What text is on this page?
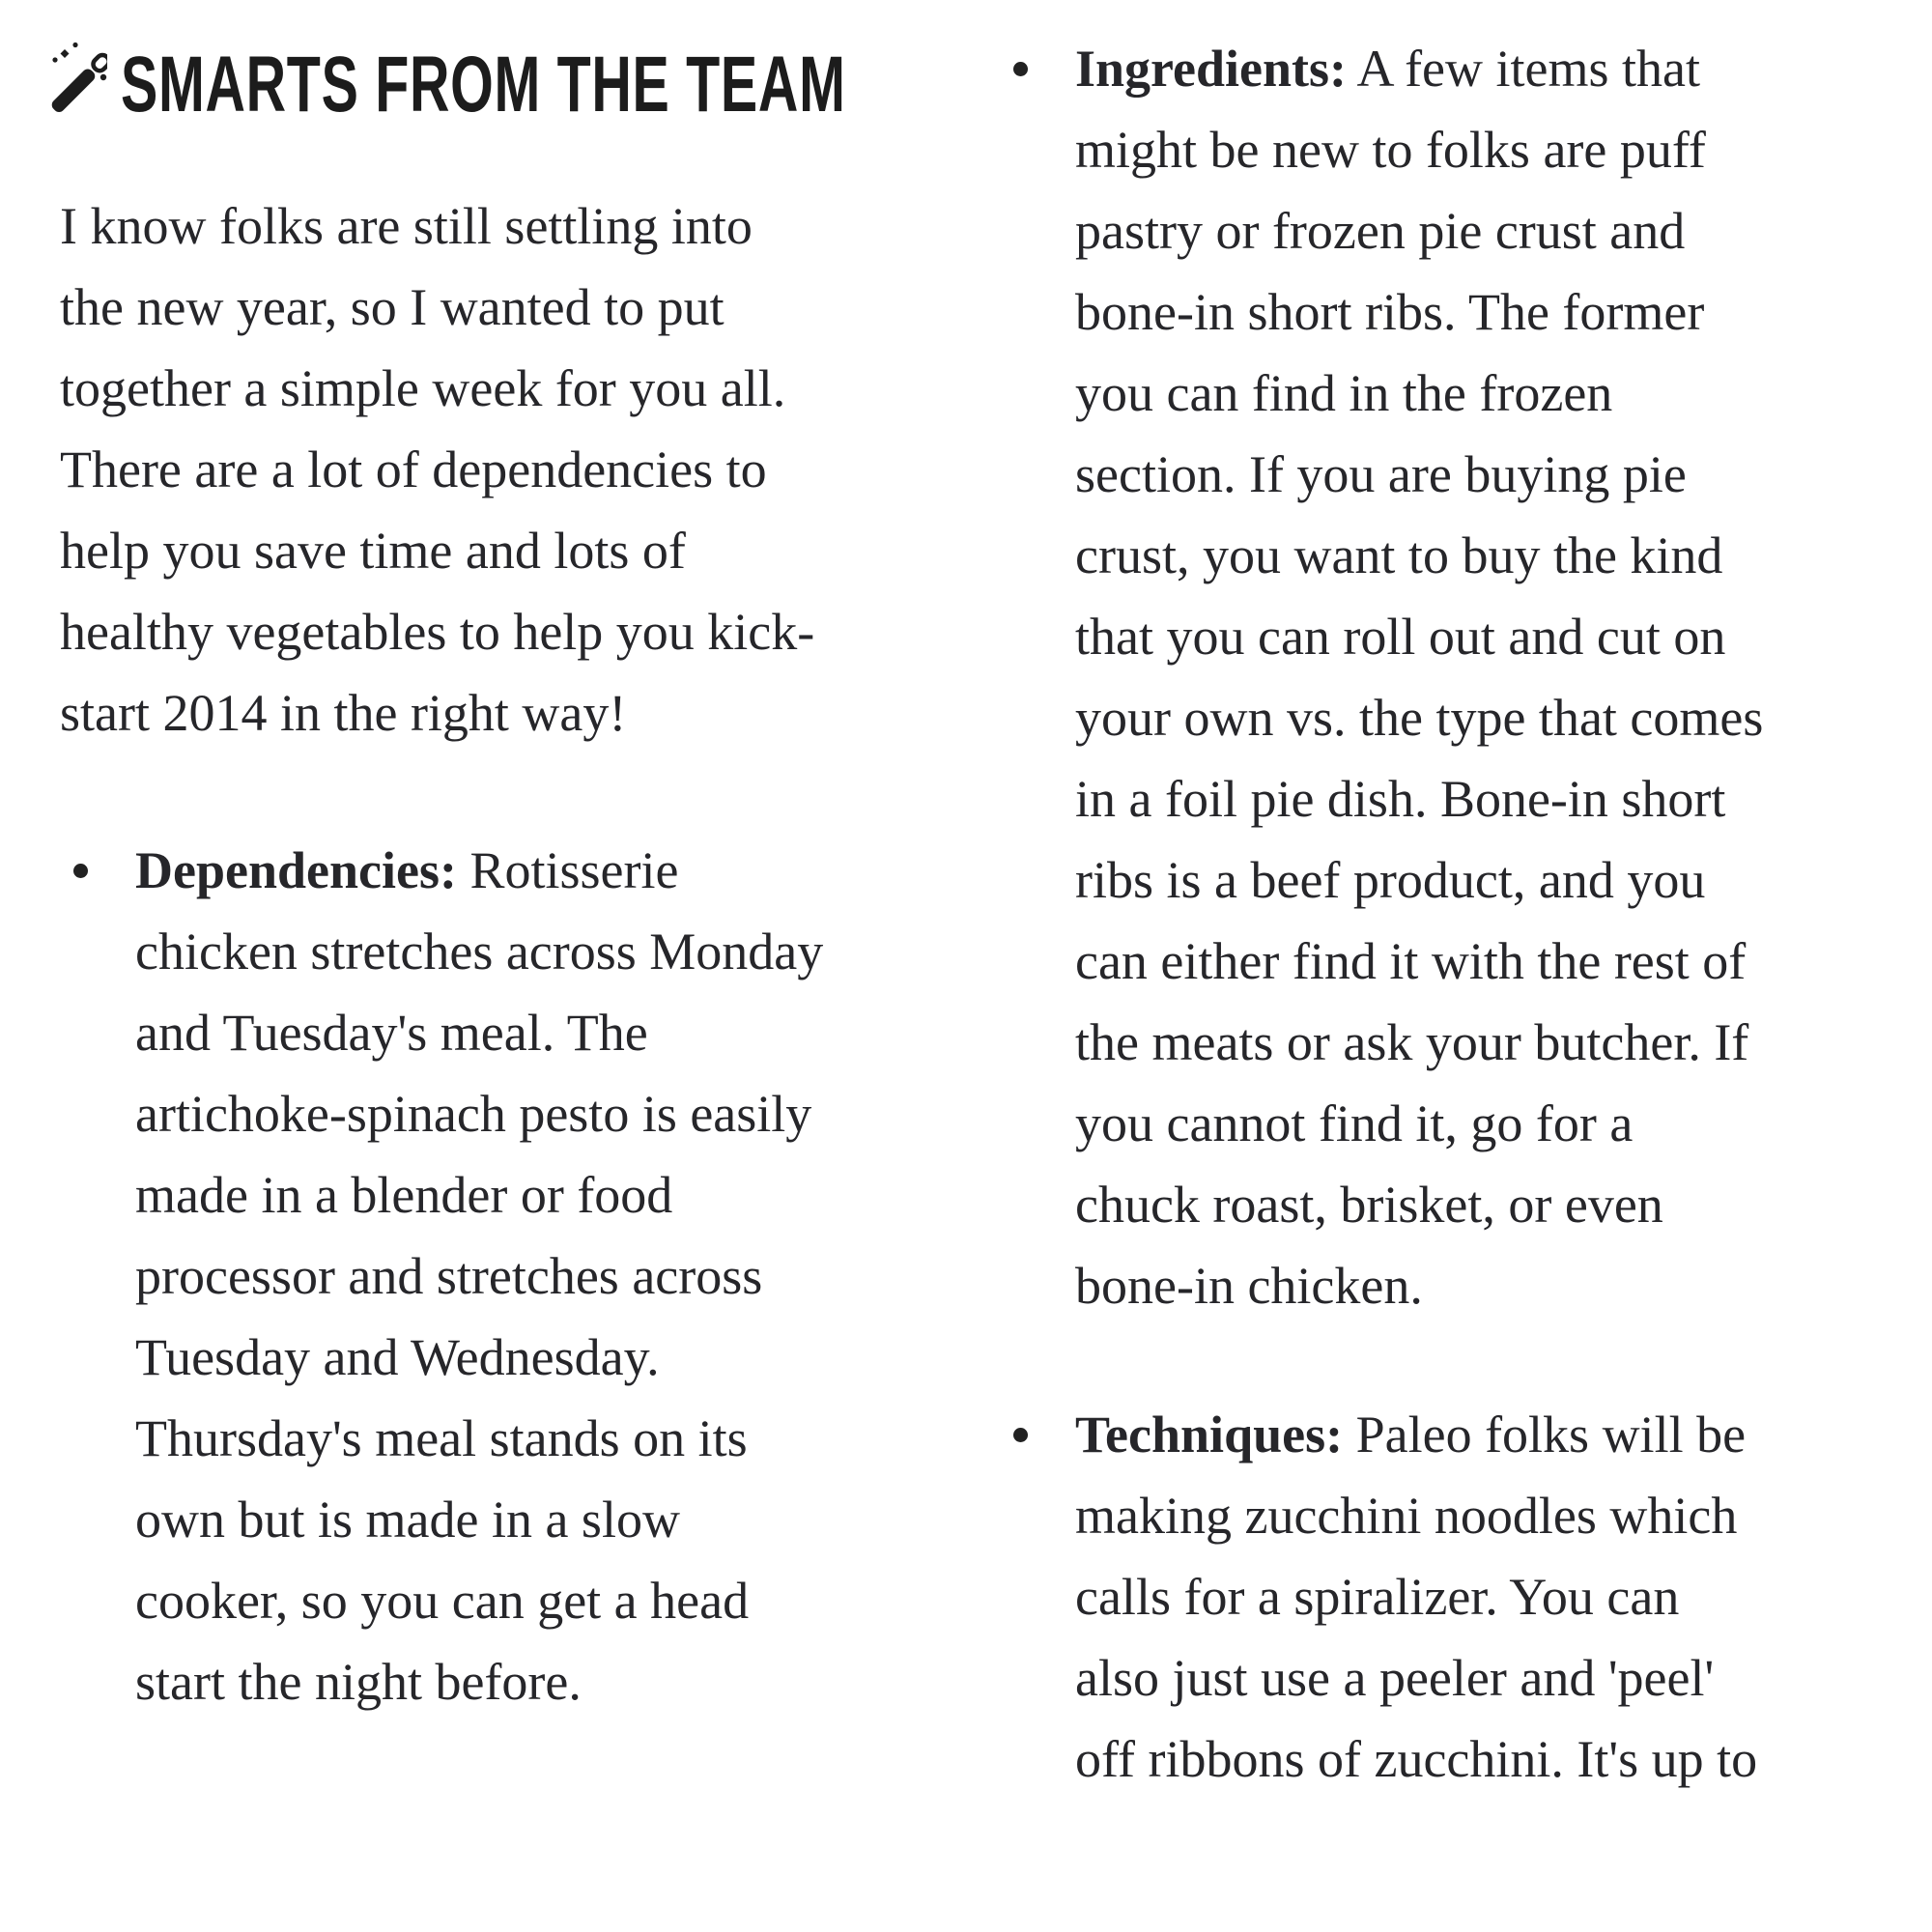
SMARTS FROM THE TEAM
I know folks are still settling into
the new year, so I wanted to put
together a simple week for you all.
There are a lot of dependencies to
help you save time and lots of
healthy vegetables to help you kick-
start 2014 in the right way!
Dependencies: Rotisserie
chicken stretches across Monday
and Tuesday's meal. The
artichoke-spinach pesto is easily
made in a blender or food
processor and stretches across
Tuesday and Wednesday.
Thursday's meal stands on its
own but is made in a slow
cooker, so you can get a head
start the night before.
Ingredients: A few items that
might be new to folks are puff
pastry or frozen pie crust and
bone-in short ribs. The former
you can find in the frozen
section. If you are buying pie
crust, you want to buy the kind
that you can roll out and cut on
your own vs. the type that comes
in a foil pie dish. Bone-in short
ribs is a beef product, and you
can either find it with the rest of
the meats or ask your butcher. If
you cannot find it, go for a
chuck roast, brisket, or even
bone-in chicken.
Techniques: Paleo folks will be
making zucchini noodles which
calls for a spiralizer. You can
also just use a peeler and 'peel'
off ribbons of zucchini. It's up to
